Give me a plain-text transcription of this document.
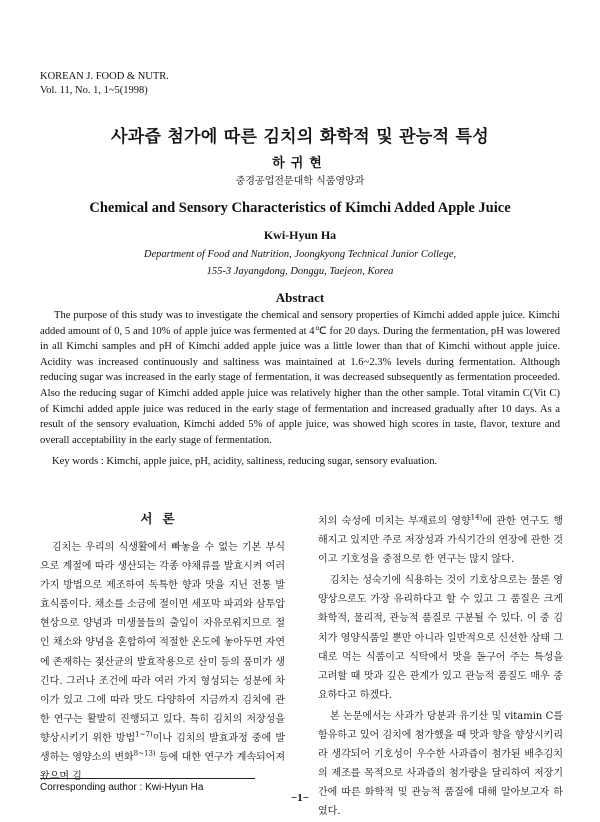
KOREAN J. FOOD & NUTR.
Vol. 11, No. 1, 1~5(1998)
사과즙 첨가에 따른 김치의 화학적 및 관능적 특성
하귀현
중경공업전문대학 식품영양과
Chemical and Sensory Characteristics of Kimchi Added Apple Juice
Kwi-Hyun Ha
Department of Food and Nutrition, Joongkyong Technical Junior College,
155-3 Jayangdong, Donggu, Taejeon, Korea
Abstract

The purpose of this study was to investigate the chemical and sensory properties of Kimchi added apple juice. Kimchi added amount of 0, 5 and 10% of apple juice was fermented at 4℃ for 20 days. During the fermentation, pH was lowered in all Kimchi samples and pH of Kimchi added apple juice was a little lower than that of Kimchi without apple juice. Acidity was increased continuously and saltiness was maintained at 1.6~2.3% levels during fermentation. Although reducing sugar was increased in the early stage of fermentation, it was decreased subsequently as fermentation proceeded. Also the reducing sugar of Kimchi added apple juice was relatively higher than the other sample. Total vitamin C(Vit C) of Kimchi added apple juice was reduced in the early stage of fermentation and increased gradually after 10 days. As a result of the sensory evaluation, Kimchi added 5% of apple juice, was showed high scores in taste, flavor, texture and overall acceptability in the early stage of fermentation.

Key words : Kimchi, apple juice, pH, acidity, saltiness, reducing sugar, sensory evaluation.
서론

김치는 우리의 식생활에서 빠놓을 수 없는 기본 부식으로 계절에 따라 생산되는 각종 야채류를 발효시켜 여러 가지 방법으로 제조하여 독특한 향과 맛을 지닌 전통 발효식품이다. 채소를 소금에 절이면 세포막 파괴와 삼투압 현상으로 양념과 미생물들의 출입이 자유로워지므로 절인 채소와 양념을 혼합하여 적절한 온도에 놓아두면 자연에 존재하는 젖산균의 발효작용으로 산미 등의 풍미가 생긴다. 그러나 조건에 따라 여러 가지 형성되는 성분에 차이가 있고 그에 따라 맛도 다양하여 지금까지 김치에 관한 연구는 활발히 진행되고 있다. 특히 김치의 저장성을 향상시키기 위한 방법$^{1\sim 7)}$이나 김치의 발효과정 중에 발생하는 영양소의 변화$^{8\sim 13)}$ 등에 대한 연구가 계속되어져 왔으며 김

치의 숙성에 미치는 부재료의 영향$^{14)}$에 관한 연구도 행해지고 있지만 주로 저장성과 가식기간의 연장에 관한 것이고 기호성을 중점으로 한 연구는 많지 않다.

김치는 성숙기에 식용하는 것이 기호상으로는 물론 영양상으로도 가장 유리하다고 할 수 있고 그 품질은 크게 화학적, 물리적, 관능적 품질로 구분될 수 있다. 이 중 김치가 영양식품일 뿐만 아니라 일반적으로 신선한 상태 그대로 먹는 식품이고 식탁에서 맛을 돋구어 주는 특성을 고려할 때 맛과 깊은 관계가 있고 관능적 품질도 매우 중요하다고 하겠다.

본 논문에서는 사과가 당분과 유기산 및 vitamin C를 함유하고 있어 김치에 첨가했을 때 맛과 향을 향상시키리라 생각되어 기호성이 우수한 사과즙이 첨가된 배추김치의 제조를 목적으로 사과즙의 첨가량을 달리하여 저장기간에 따른 화학적 및 관능적 품질에 대해 알아보고자 하였다.

Corresponding author : Kwi-Hyun Ha
−1−
